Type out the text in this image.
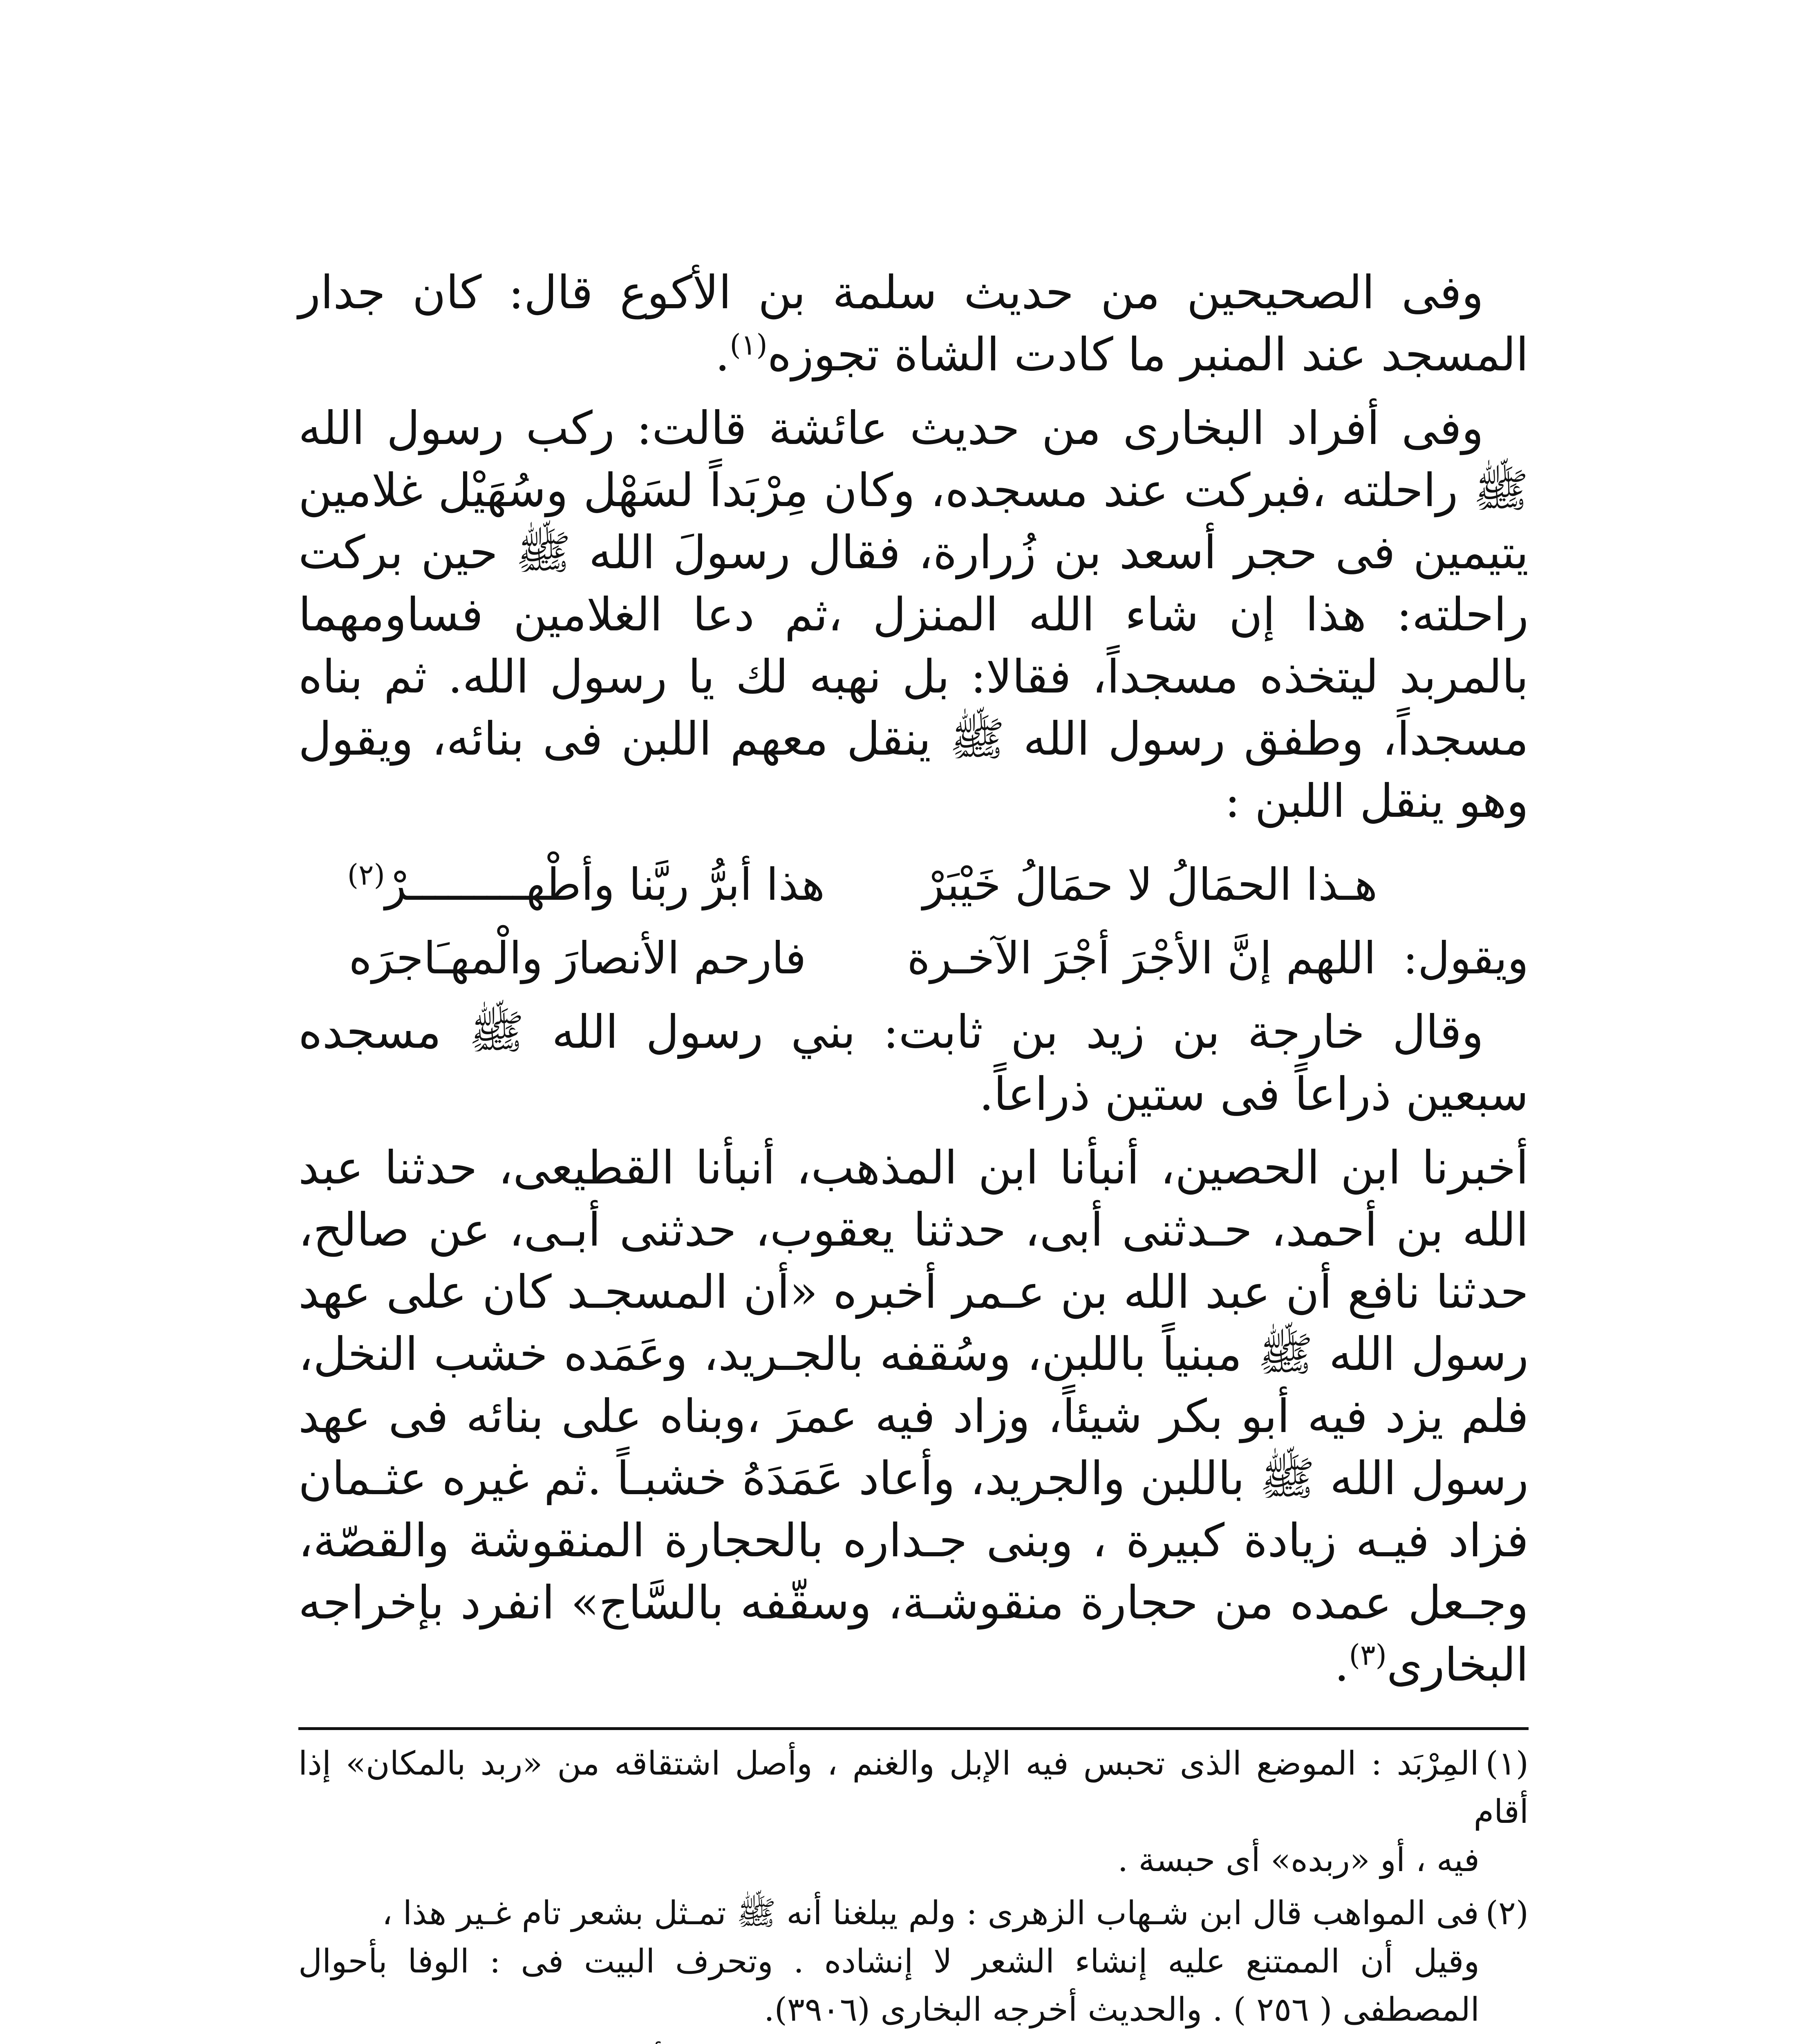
وفى الصحيحين من حديث سلمة بن الأكوع قال: كان جدار المسجد عند المنبر ما كادت الشاة تجوزه$^{(١)}$.

وفى أفراد البخارى من حديث عائشة قالت: ركب رسول الله ﷺ راحلته ،فبركت عند مسجده، وكان مِرْبَداً لسَهْل وسُهَيْل غلامين يتيمين فى حجر أسعد بن زُرارة، فقال رسولَ الله ﷺ حين بركت راحلته: هذا إن شاء الله المنزل ،ثم دعا الغلامين فساومهما بالمربد ليتخذه مسجداً، فقالا: بل نهبه لك يا رسول الله. ثم بناه مسجداً، وطفق رسول الله ﷺ ينقل معهم اللبن فى بنائه، ويقول وهو ينقل اللبن :

هـذا الحمَالُ لا حمَالُ خَيْبَرْ
هذا أبرُّ ربَّنا وأطْهـــــــــرْ$^{(٢)}$
ويقول:
اللهم إنَّ الأجْرَ أجْرَ الآخـرة
فارحم الأنصارَ والْمهـَاجرَه

وقال خارجة بن زيد بن ثابت: بني رسول الله ﷺ مسجده سبعين ذراعاً فى ستين ذراعاً.

أخبرنا ابن الحصين، أنبأنا ابن المذهب، أنبأنا القطيعى، حدثنا عبد الله بن أحمد، حـدثنى أبى، حدثنا يعقوب، حدثنى أبـى، عن صالح، حدثنا نافع أن عبد الله بن عـمر أخبره «أن المسجـد كان على عهد رسول الله ﷺ مبنياً باللبن، وسُقفه بالجـريد، وعَمَده خشب النخل، فلم يزد فيه أبو بكر شيئاً، وزاد فيه عمرَ ،وبناه على بنائه فى عهد رسول الله ﷺ باللبن والجريد، وأعاد عَمَدَهُ خشبـاً .ثم غيره عثـمان فزاد فيـه زيادة كبيرة ، وبنى جـداره بالحجارة المنقوشة والقصّة، وجـعل عمده من حجارة منقوشـة، وسقّفه بالسَّاج» انفرد بإخراجه البخارى$^{(٣)}$.

(١)المِرْبَد : الموضع الذى تحبس فيه الإبل والغنم ، وأصل اشتقاقه من «ربد بالمكان» إذا أقام
فيه ، أو «ربده» أى حبسة .
(٢)فى المواهب قال ابن شـهاب الزهرى : ولم يبلغنا أنه ﷺ تمـثل بشعر تام غـير هذا ،
وقيل أن الممتنع عليه إنشاء الشعر لا إنشاده . وتحرف البيت فى : الوفا بأحوال المصطفى ( ٢٥٦ ) . والحديث أخرجه البخارى (٣٩٠٦).
